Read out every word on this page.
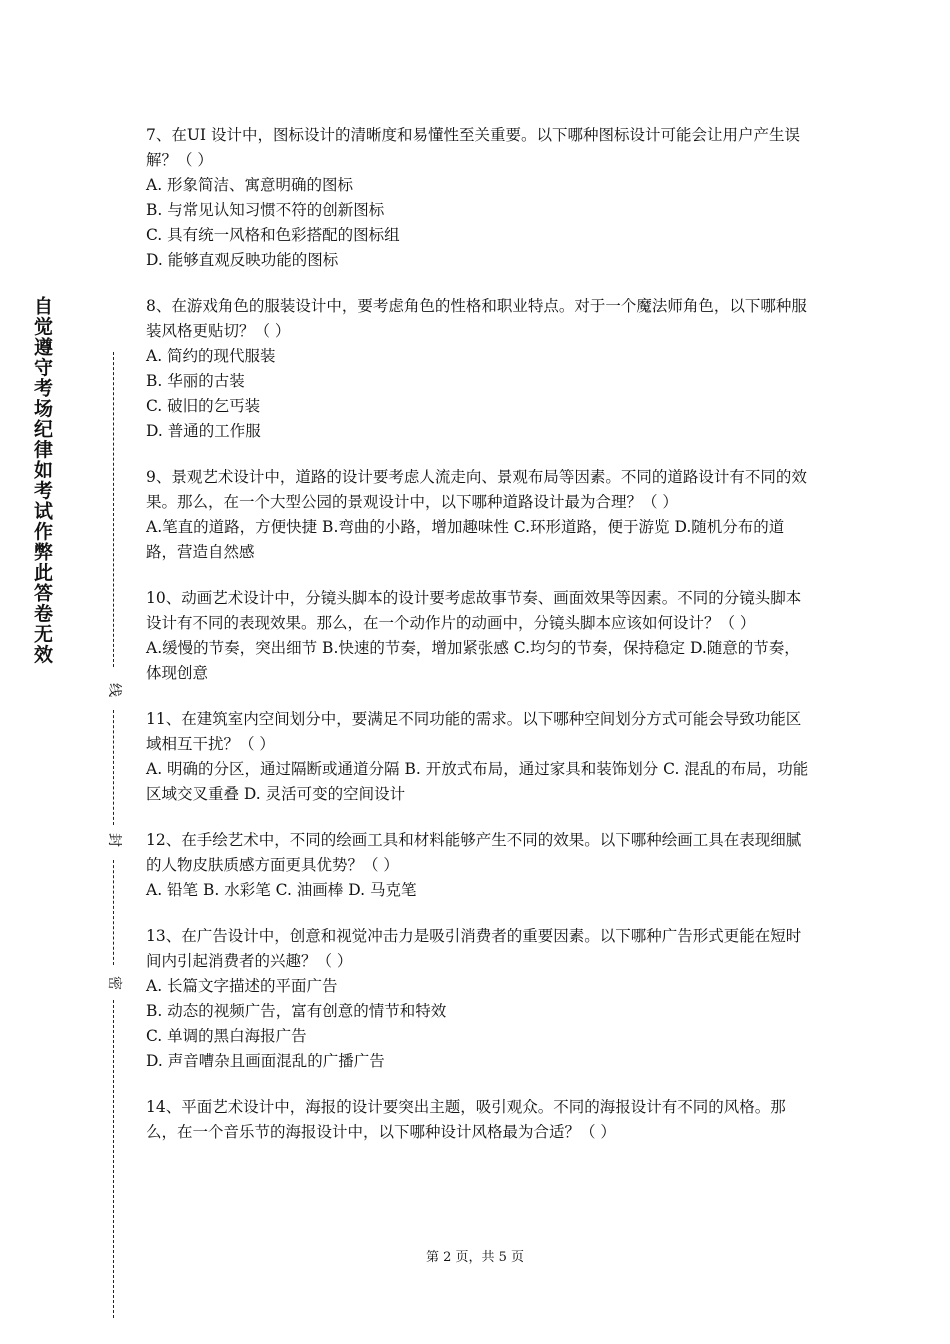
自觉遵守考场纪律如考试作弊此答卷无效
线
封
密

7、在UI 设计中，图标设计的清晰度和易懂性至关重要。以下哪种图标设计可能会让用户产生误解？（ ）

A. 形象简洁、寓意明确的图标

B. 与常见认知习惯不符的创新图标

C. 具有统一风格和色彩搭配的图标组

D. 能够直观反映功能的图标

8、在游戏角色的服装设计中，要考虑角色的性格和职业特点。对于一个魔法师角色，以下哪种服装风格更贴切？（ ）

A. 简约的现代服装

B. 华丽的古装

C. 破旧的乞丐装

D. 普通的工作服

9、景观艺术设计中，道路的设计要考虑人流走向、景观布局等因素。不同的道路设计有不同的效果。那么，在一个大型公园的景观设计中，以下哪种道路设计最为合理？（ ）

A.笔直的道路，方便快捷 B.弯曲的小路，增加趣味性 C.环形道路，便于游览 D.随机分布的道路，营造自然感

10、动画艺术设计中，分镜头脚本的设计要考虑故事节奏、画面效果等因素。不同的分镜头脚本设计有不同的表现效果。那么，在一个动作片的动画中，分镜头脚本应该如何设计？（ ）

A.缓慢的节奏，突出细节 B.快速的节奏，增加紧张感 C.均匀的节奏，保持稳定 D.随意的节奏，体现创意

11、在建筑室内空间划分中，要满足不同功能的需求。以下哪种空间划分方式可能会导致功能区域相互干扰？（ ）

A. 明确的分区，通过隔断或通道分隔 B. 开放式布局，通过家具和装饰划分 C. 混乱的布局，功能区域交叉重叠 D. 灵活可变的空间设计

12、在手绘艺术中，不同的绘画工具和材料能够产生不同的效果。以下哪种绘画工具在表现细腻的人物皮肤质感方面更具优势？（ ）

A. 铅笔 B. 水彩笔 C. 油画棒 D. 马克笔

13、在广告设计中，创意和视觉冲击力是吸引消费者的重要因素。以下哪种广告形式更能在短时间内引起消费者的兴趣？（ ）

A. 长篇文字描述的平面广告

B. 动态的视频广告，富有创意的情节和特效

C. 单调的黑白海报广告

D. 声音嘈杂且画面混乱的广播广告

14、平面艺术设计中，海报的设计要突出主题，吸引观众。不同的海报设计有不同的风格。那么，在一个音乐节的海报设计中，以下哪种设计风格最为合适？（ ）

第 2 页，共 5 页
